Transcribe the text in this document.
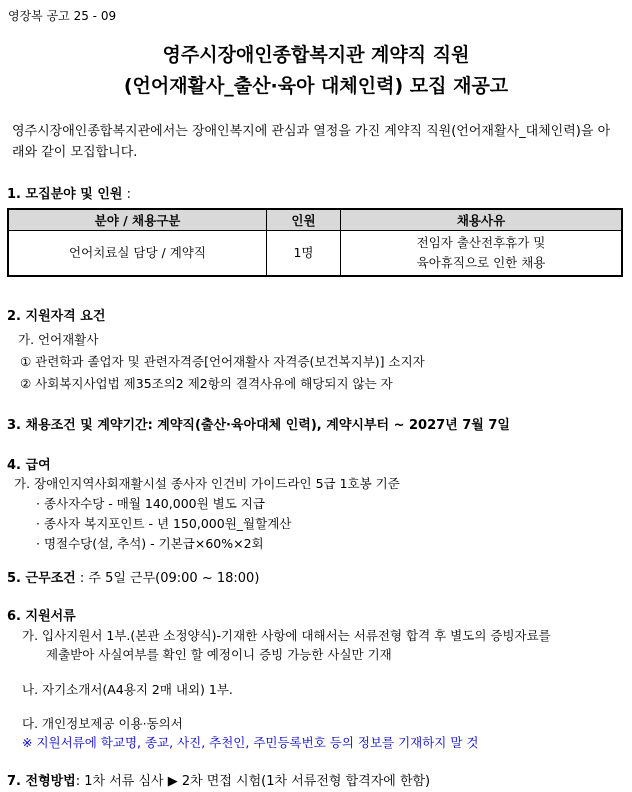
영장복 공고 25 - 09
영주시장애인종합복지관 계약직 직원
(언어재활사_출산·육아 대체인력) 모집 재공고
영주시장애인종합복지관에서는 장애인복지에 관심과 열정을 가진 계약직 직원(언어재활사_대체인력)을 아래와 같이 모집합니다.
1. 모집분야 및 인원 :
분야 / 채용구분	인원	채용사유
언어치료실 담당 / 계약직	1명	전임자 출산전후휴가 및
육아휴직으로 인한 채용
2. 지원자격 요건
가. 언어재활사
① 관련학과 졸업자 및 관련자격증[언어재활사 자격증(보건복지부)] 소지자
② 사회복지사업법 제35조의2 제2항의 결격사유에 해당되지 않는 자
3. 채용조건 및 계약기간: 계약직(출산·육아대체 인력), 계약시부터 ~ 2027년 7월 7일
4. 급여
가. 장애인지역사회재활시설 종사자 인건비 가이드라인 5급 1호봉 기준
· 종사자수당 - 매월 140,000원 별도 지급
· 종사자 복지포인트 - 년 150,000원_월할계산
· 명절수당(설, 추석) - 기본급×60%×2회
5. 근무조건 : 주 5일 근무(09:00 ~ 18:00)
6. 지원서류
가. 입사지원서 1부.(본관 소정양식)-기재한 사항에 대해서는 서류전형 합격 후 별도의 증빙자료를
제출받아 사실여부를 확인 할 예정이니 증빙 가능한 사실만 기재
나. 자기소개서(A4용지 2매 내외) 1부.
다. 개인정보제공 이용·동의서
※ 지원서류에 학교명, 종교, 사진, 추천인, 주민등록번호 등의 정보를 기재하지 말 것
7. 전형방법: 1차 서류 심사 ▶ 2차 면접 시험(1차 서류전형 합격자에 한함)
